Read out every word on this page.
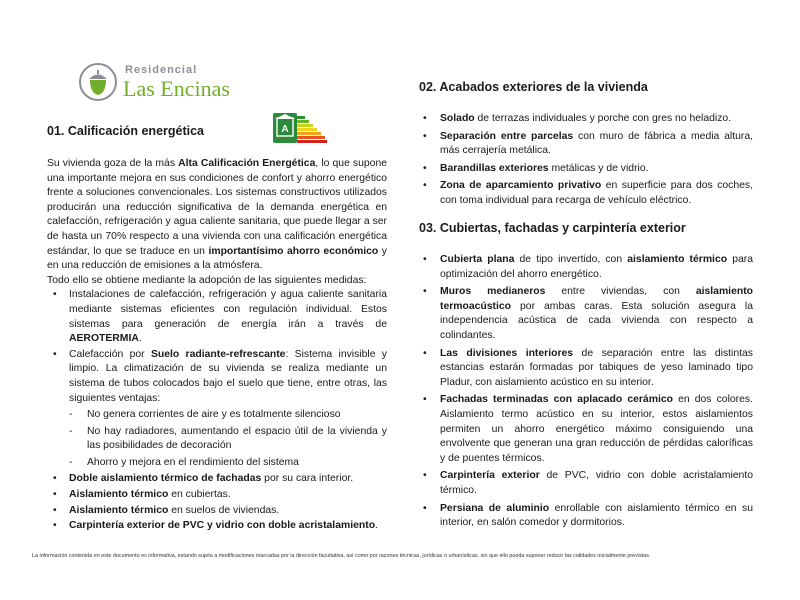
Residencial
Las Encinas
A
01. Calificación energética

Su vivienda goza de la más Alta Calificación Energética, lo que supone una importante mejora en sus condiciones de confort y ahorro energético frente a soluciones convencionales. Los sistemas constructivos utilizados producirán una reducción significativa de la demanda energética en calefacción, refrigeración y agua caliente sanitaria, que puede llegar a ser de hasta un 70% respecto a una vivienda con una calificación energética estándar, lo que se traduce en un importantísimo ahorro económico y en una reducción de emisiones a la atmósfera.

Todo ello se obtiene mediante la adopción de las siguientes medidas:

• Instalaciones de calefacción, refrigeración y agua caliente sanitaria mediante sistemas eficientes con regulación individual. Estos sistemas para generación de energía irán a través de AEROTERMIA.
• Calefacción por Suelo radiante-refrescante: Sistema invisible y limpio. La climatización de su vivienda se realiza mediante un sistema de tubos colocados bajo el suelo que tiene, entre otras, las siguientes ventajas:
- No genera corrientes de aire y es totalmente silencioso
- No hay radiadores, aumentando el espacio útil de la vivienda y las posibilidades de decoración
- Ahorro y mejora en el rendimiento del sistema
• Doble aislamiento térmico de fachadas por su cara interior.
• Aislamiento térmico en cubiertas.
• Aislamiento térmico en suelos de viviendas.
• Carpintería exterior de PVC y vidrio con doble acristalamiento.
02. Acabados exteriores de la vivienda
• Solado de terrazas individuales y porche con gres no heladizo.
• Separación entre parcelas con muro de fábrica a media altura, más cerrajería metálica.
• Barandillas exteriores metálicas y de vidrio.
• Zona de aparcamiento privativo en superficie para dos coches, con toma individual para recarga de vehículo eléctrico.
03. Cubiertas, fachadas y carpintería exterior
• Cubierta plana de tipo invertido, con aislamiento térmico para optimización del ahorro energético.
• Muros medianeros entre viviendas, con aislamiento termoacústico por ambas caras. Esta solución asegura la independencia acústica de cada vivienda con respecto a colindantes.
• Las divisiones interiores de separación entre las distintas estancias estarán formadas por tabiques de yeso laminado tipo Pladur, con aislamiento acústico en su interior.
• Fachadas terminadas con aplacado cerámico en dos colores. Aislamiento termo acústico en su interior, estos aislamientos permiten un ahorro energético máximo consiguiendo una envolvente que generan una gran reducción de pérdidas caloríficas y de puentes térmicos.
• Carpintería exterior de PVC, vidrio con doble acristalamiento térmico.
• Persiana de aluminio enrollable con aislamiento térmico en su interior, en salón comedor y dormitorios.
La información contenida en este documento es informativa, estando sujeta a modificaciones marcadas por la dirección facultativa, así como por razones técnicas, jurídicas o urbanísticas, sin que ello pueda suponer reducir las calidades inicialmente previstas.
